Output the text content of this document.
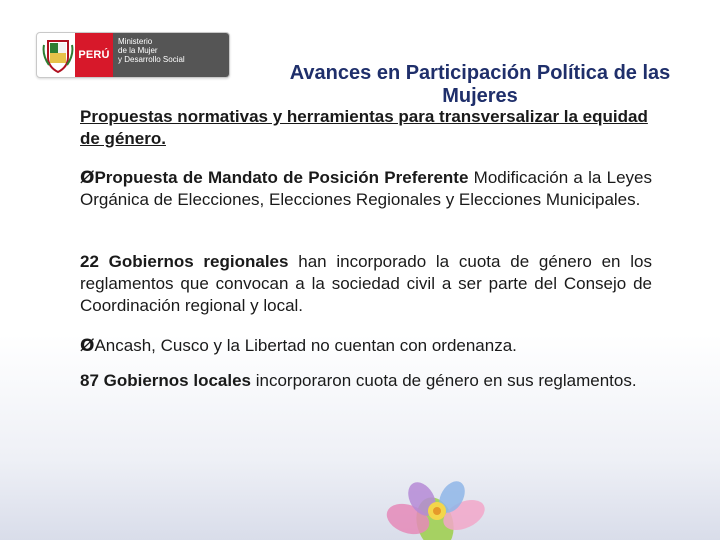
PERÚ
Ministerio
de la Mujer
y Desarrollo Social
Avances en Participación Política de las Mujeres
Propuestas normativas y herramientas para transversalizar la equidad de género.
ØPropuesta de Mandato de Posición Preferente Modificación a la Leyes Orgánica de Elecciones, Elecciones Regionales y Elecciones Municipales.
22 Gobiernos regionales han incorporado la cuota de género en los reglamentos que convocan a la sociedad civil a ser parte del Consejo de Coordinación regional y local.
ØAncash, Cusco y la Libertad no cuentan con ordenanza.
87 Gobiernos locales incorporaron cuota de género en sus reglamentos.
